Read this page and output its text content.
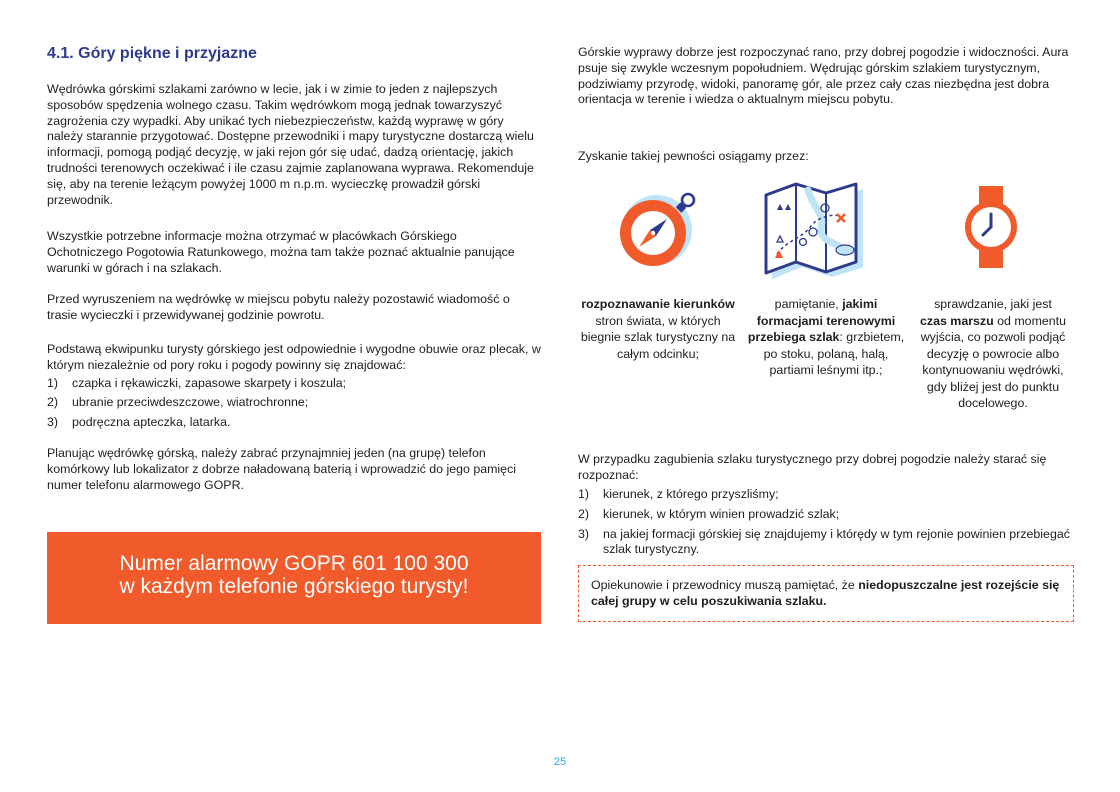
4.1. Góry piękne i przyjazne

Wędrówka górskimi szlakami zarówno w lecie, jak i w zimie to jeden z najlepszych sposobów spędzenia wolnego czasu. Takim wędrówkom mogą jednak towarzyszyć zagrożenia czy wypadki. Aby unikać tych niebezpieczeństw, każdą wyprawę w góry należy starannie przygotować. Dostępne przewodniki i mapy turystyczne dostarczą wielu informacji, pomogą podjąć decyzję, w jaki rejon gór się udać, dadzą orientację, jakich trudności terenowych oczekiwać i ile czasu zajmie zaplanowana wyprawa. Rekomenduje się, aby na terenie leżącym powyżej 1000 m n.p.m. wycieczkę prowadził górski przewodnik.

Wszystkie potrzebne informacje można otrzymać w placówkach Górskiego Ochotniczego Pogotowia Ratunkowego, można tam także poznać aktualnie panujące warunki w górach i na szlakach.

Przed wyruszeniem na wędrówkę w miejscu pobytu należy pozostawić wiadomość o trasie wycieczki i przewidywanej godzinie powrotu.

Podstawą ekwipunku turysty górskiego jest odpowiednie i wygodne obuwie oraz plecak, w którym niezależnie od pory roku i pogody powinny się znajdować:

1) czapka i rękawiczki, zapasowe skarpety i koszula;
2) ubranie przeciwdeszczowe, wiatrochronne;
3) podręczna apteczka, latarka.

Planując wędrówkę górską, należy zabrać przynajmniej jeden (na grupę) telefon komórkowy lub lokalizator z dobrze naładowaną baterią i wprowadzić do jego pamięci numer telefonu alarmowego GOPR.

Numer alarmowy GOPR 601 100 300
w każdym telefonie górskiego turysty!

Górskie wyprawy dobrze jest rozpoczynać rano, przy dobrej pogodzie i widoczności. Aura psuje się zwykle wczesnym popołudniem. Wędrując górskim szlakiem turystycznym, podziwiamy przyrodę, widoki, panoramę gór, ale przez cały czas niezbędna jest dobra orientacja w terenie i wiedza o aktualnym miejscu pobytu.

Zyskanie takiej pewności osiągamy przez:

rozpoznawanie kierunków
stron świata, w których biegnie szlak turystyczny na całym odcinku;

pamiętanie, jakimi formacjami terenowymi przebiega szlak: grzbietem, po stoku, polaną, halą, partiami leśnymi itp.;

sprawdzanie, jaki jest
czas marszu od momentu wyjścia, co pozwoli podjąć decyzję o powrocie albo kontynuowaniu wędrówki, gdy bliżej jest do punktu docelowego.

W przypadku zagubienia szlaku turystycznego przy dobrej pogodzie należy starać się rozpoznać:

1) kierunek, z którego przyszliśmy;
2) kierunek, w którym winien prowadzić szlak;
3) na jakiej formacji górskiej się znajdujemy i którędy w tym rejonie powinien przebiegać szlak turystyczny.

Opiekunowie i przewodnicy muszą pamiętać, że niedopuszczalne jest rozejście się całej grupy w celu poszukiwania szlaku.

25
